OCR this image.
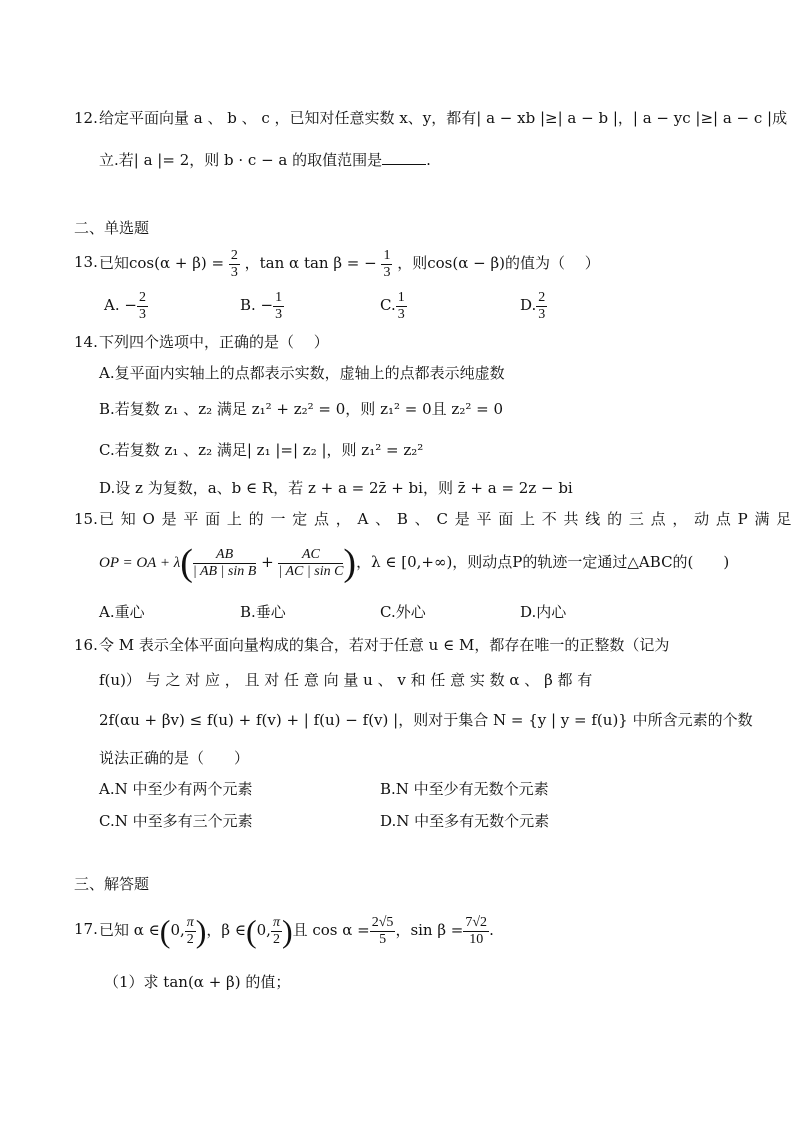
12. 给定平面向量 a 、 b 、 c ，已知对任意实数 x、y，都有| a − xb |≥| a − b |，| a − yc |≥| a − c |成
立.若| a |= 2，则 b · c − a 的取值范围是	.
二、单选题
13. 已知$\cos(\alpha + \beta) = \frac{2}{3}$ ，tan α tan β = − $\frac{1}{3}$ ，则cos(α − β)的值为（　 ）
A. − $\frac{2}{3}$	B. − $\frac{1}{3}$	C. $\frac{1}{3}$	D. $\frac{2}{3}$
14. 下列四个选项中，正确的是（　 ）
A.复平面内实轴上的点都表示实数，虚轴上的点都表示纯虚数
B.若复数 z₁ 、z₂ 满足 z₁² + z₂² = 0，则 z₁² = 0且 z₂² = 0
C.若复数 z₁ 、z₂ 满足| z₁ |=| z₂ |，则 z₁² = z₂²
D.设 z 为复数，a、b ∈ R，若 z + a = 2z̄ + bi，则 z̄ + a = 2z − bi
15. 已 知 O 是 平 面 上 的 一 定 点 ， A 、 B 、 C 是 平 面 上 不 共 线 的 三 点 ， 动 点 P 满 足
OP = OA + $\lambda( \frac{AB}{\text{| AB | sin B}} + \frac{AC}{\text{| AC | sin C}}$ )，λ ∈ [0,+∞)，则动点P的轨迹一定通过△ABC的(　　)
A.重心	B.垂心	C.外心	D.内心
16. 令 M 表示全体平面向量构成的集合，若对于任意 u ∈ M，都存在唯一的正整数（记为
f(u)） 与 之 对 应 ， 且 对 任 意 向 量 u 、 v 和 任 意 实 数 α 、 β 都 有
2f(αu + βv) ≤ f(u) + f(v) + | f(u) − f(v) |，则对于集合 N = {y | y = f(u)} 中所含元素的个数
说法正确的是（　　）
A.N 中至少有两个元素	B.N 中至少有无数个元素
C.N 中至多有三个元素	D.N 中至多有无数个元素
三、解答题
17. 已知 α ∈(0, $\frac{\pi}{2}$ )，β ∈(0, $\frac{\pi}{2}$ )且 $\cos \alpha = \frac{2√5}{5}$ ，$\sin \beta = \frac{7√2}{10}$ .
（1）求 tan(α + β) 的值；
